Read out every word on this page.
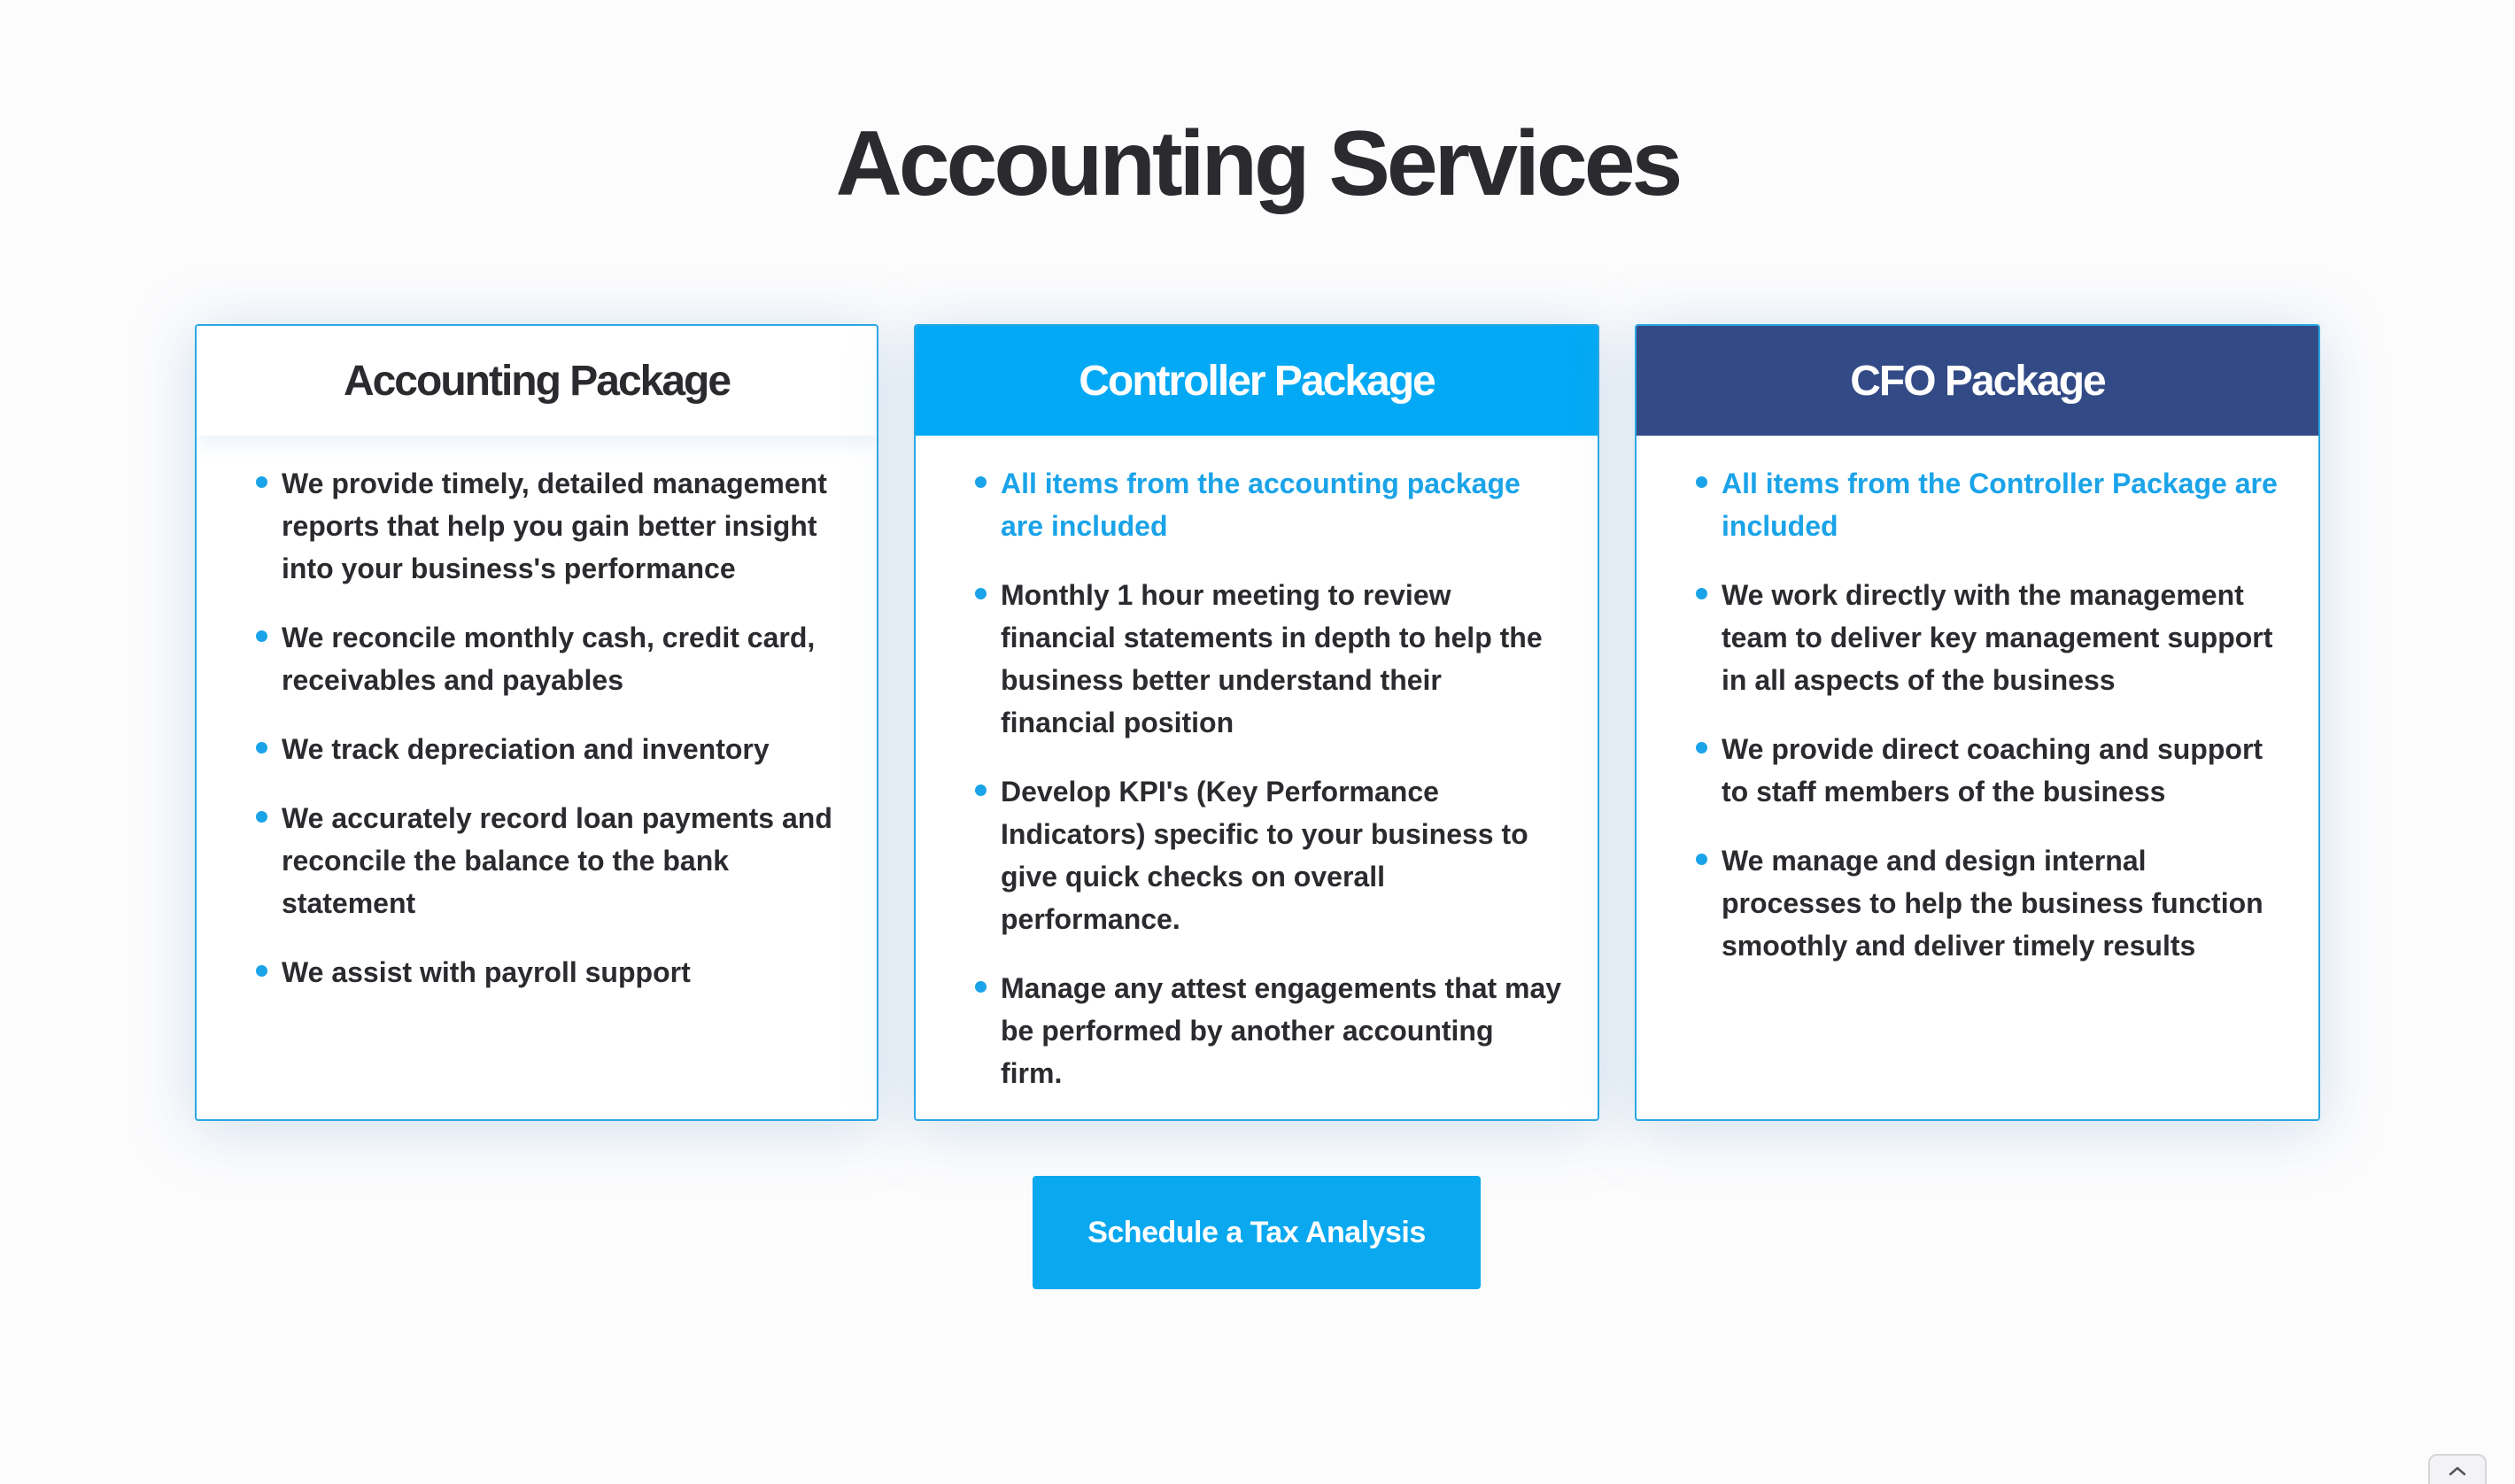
Accounting Services
Accounting Package
We provide timely, detailed management reports that help you gain better insight into your business's performance
We reconcile monthly cash, credit card, receivables and payables
We track depreciation and inventory
We accurately record loan payments and reconcile the balance to the bank statement
We assist with payroll support
Controller Package
All items from the accounting package are included
Monthly 1 hour meeting to review financial statements in depth to help the business better understand their financial position
Develop KPI's (Key Performance Indicators) specific to your business to give quick checks on overall performance.
Manage any attest engagements that may be performed by another accounting firm.
CFO Package
All items from the Controller Package are included
We work directly with the management team to deliver key management support in all aspects of the business
We provide direct coaching and support to staff members of the business
We manage and design internal processes to help the business function smoothly and deliver timely results
Schedule a Tax Analysis
